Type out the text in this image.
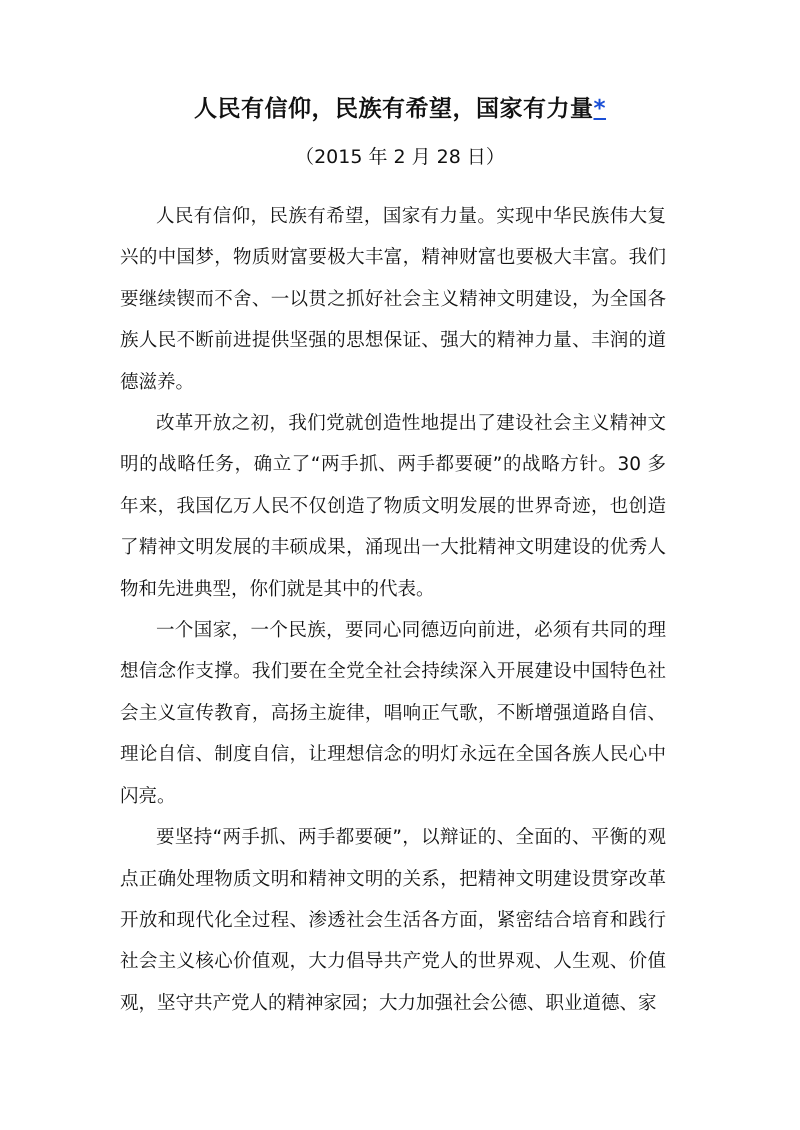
人民有信仰，民族有希望，国家有力量*
（2015 年 2 月 28 日）

人民有信仰，民族有希望，国家有力量。实现中华民族伟大复兴的中国梦，物质财富要极大丰富，精神财富也要极大丰富。我们要继续锲而不舍、一以贯之抓好社会主义精神文明建设，为全国各族人民不断前进提供坚强的思想保证、强大的精神力量、丰润的道德滋养。

改革开放之初，我们党就创造性地提出了建设社会主义精神文明的战略任务，确立了“两手抓、两手都要硬”的战略方针。30 多年来，我国亿万人民不仅创造了物质文明发展的世界奇迹，也创造了精神文明发展的丰硕成果，涌现出一大批精神文明建设的优秀人物和先进典型，你们就是其中的代表。

一个国家，一个民族，要同心同德迈向前进，必须有共同的理想信念作支撑。我们要在全党全社会持续深入开展建设中国特色社会主义宣传教育，高扬主旋律，唱响正气歌，不断增强道路自信、理论自信、制度自信，让理想信念的明灯永远在全国各族人民心中闪亮。

要坚持“两手抓、两手都要硬”，以辩证的、全面的、平衡的观点正确处理物质文明和精神文明的关系，把精神文明建设贯穿改革开放和现代化全过程、渗透社会生活各方面，紧密结合培育和践行社会主义核心价值观，大力倡导共产党人的世界观、人生观、价值观，坚守共产党人的精神家园；大力加强社会公德、职业道德、家
